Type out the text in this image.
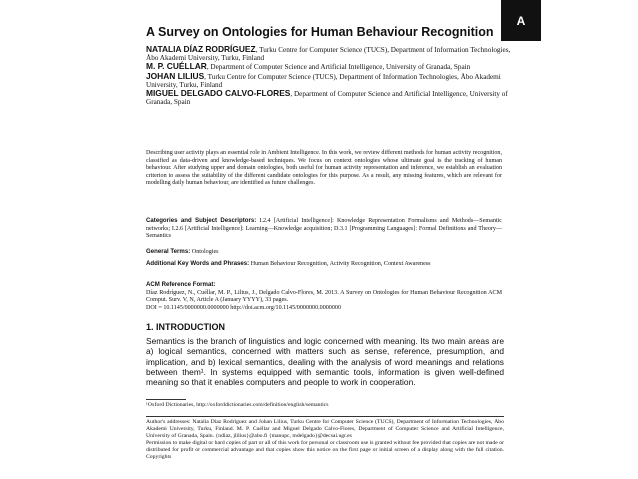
A
A Survey on Ontologies for Human Behaviour Recognition
NATALIA DÍAZ RODRÍGUEZ, Turku Centre for Computer Science (TUCS), Department of Information Technologies, Åbo Akademi University, Turku, Finland
M. P. CUÉLLAR, Department of Computer Science and Artificial Intelligence, University of Granada, Spain
JOHAN LILIUS, Turku Centre for Computer Science (TUCS), Department of Information Technologies, Åbo Akademi University, Turku, Finland
MIGUEL DELGADO CALVO-FLORES, Department of Computer Science and Artificial Intelligence, University of Granada, Spain
Describing user activity plays an essential role in Ambient Intelligence. In this work, we review different methods for human activity recognition, classified as data-driven and knowledge-based techniques. We focus on context ontologies whose ultimate goal is the tracking of human behaviour. After studying upper and domain ontologies, both useful for human activity representation and inference, we establish an evaluation criterion to assess the suitability of the different candidate ontologies for this purpose. As a result, any missing features, which are relevant for modelling daily human behaviour, are identified as future challenges.
Categories and Subject Descriptors: I.2.4 [Artificial Intelligence]: Knowledge Representation Formalisms and Methods—Semantic networks; I.2.6 [Artificial Intelligence]: Learning—Knowledge acquisition; D.3.1 [Programming Languages]: Formal Definitions and Theory—Semantics
General Terms: Ontologies
Additional Key Words and Phrases: Human Behaviour Recognition, Activity Recognition, Context Awareness
ACM Reference Format:
Díaz Rodríguez, N., Cuéllar, M. P., Lilius, J., Delgado Calvo-Flores, M. 2013. A Survey on Ontologies for Human Behaviour Recognition ACM Comput. Surv. V, N, Article A (January YYYY), 33 pages.
DOI = 10.1145/0000000.0000000 http://doi.acm.org/10.1145/0000000.0000000
1. INTRODUCTION
Semantics is the branch of linguistics and logic concerned with meaning. Its two main areas are a) logical semantics, concerned with matters such as sense, reference, presumption, and implication, and b) lexical semantics, dealing with the analysis of word meanings and relations between them¹. In systems equipped with semantic tools, information is given well-defined meaning so that it enables computers and people to work in cooperation.
¹Oxford Dictionaries, http://oxforddictionaries.com/definition/english/semantics
Author's addresses: Natalia Díaz Rodríguez and Johan Lilius, Turku Centre for Computer Science (TUCS), Department of Information Technologies, Åbo Akademi University, Turku, Finland. M. P. Cuéllar and Miguel Delgado Calvo-Flores, Department of Computer Science and Artificial Intelligence, University of Granada, Spain. {ndiaz, jlilius}@abo.fi {manupc, mdelgado}@decsai.ugr.es
Permission to make digital or hard copies of part or all of this work for personal or classroom use is granted without fee provided that copies are not made or distributed for profit or commercial advantage and that copies show this notice on the first page or initial screen of a display along with the full citation. Copyrights
